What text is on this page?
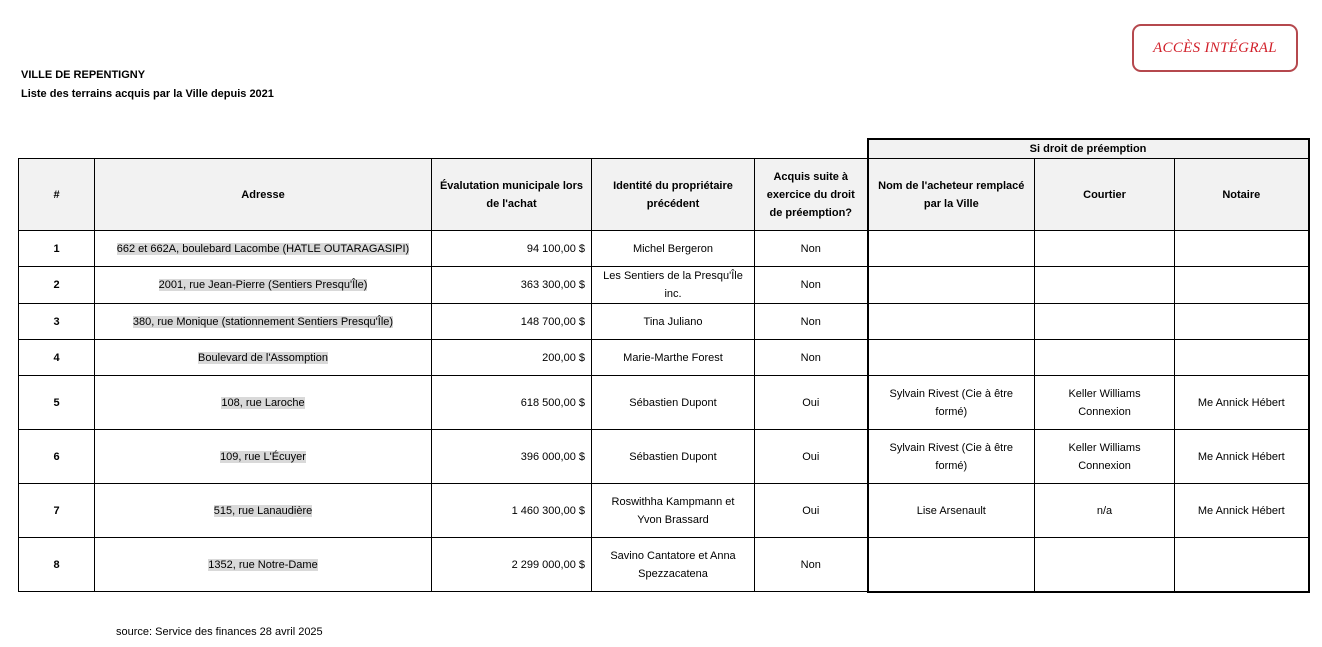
ACCÈS INTÉGRAL
VILLE DE REPENTIGNY
Liste des terrains acquis par la Ville depuis 2021
					Si droit de préemption		
#	Adresse	Évalutation municipale lors de l'achat	Identité du propriétaire précédent	Acquis suite à exercice du droit de préemption?	Nom de l'acheteur remplacé par la Ville	Courtier	Notaire
1	662 et 662A, boulebard Lacombe (HATLE OUTARAGASIPI)	94 100,00 $	Michel Bergeron	Non			
2	2001, rue Jean-Pierre (Sentiers Presqu'Île)	363 300,00 $	Les Sentiers de la Presqu'Île inc.	Non			
3	380, rue Monique (stationnement Sentiers Presqu'Île)	148 700,00 $	Tina Juliano	Non			
4	Boulevard de l'Assomption	200,00 $	Marie-Marthe Forest	Non			
5	108, rue Laroche	618 500,00 $	Sébastien Dupont	Oui	Sylvain Rivest (Cie à être formé)	Keller Williams Connexion	Me Annick Hébert
6	109, rue L'Écuyer	396 000,00 $	Sébastien Dupont	Oui	Sylvain Rivest (Cie à être formé)	Keller Williams Connexion	Me Annick Hébert
7	515, rue Lanaudière	1 460 300,00 $	Roswithha Kampmann et Yvon Brassard	Oui	Lise Arsenault	n/a	Me Annick Hébert
8	1352, rue Notre-Dame	2 299 000,00 $	Savino Cantatore et Anna Spezzacatena	Non			
source: Service des finances 28 avril 2025
